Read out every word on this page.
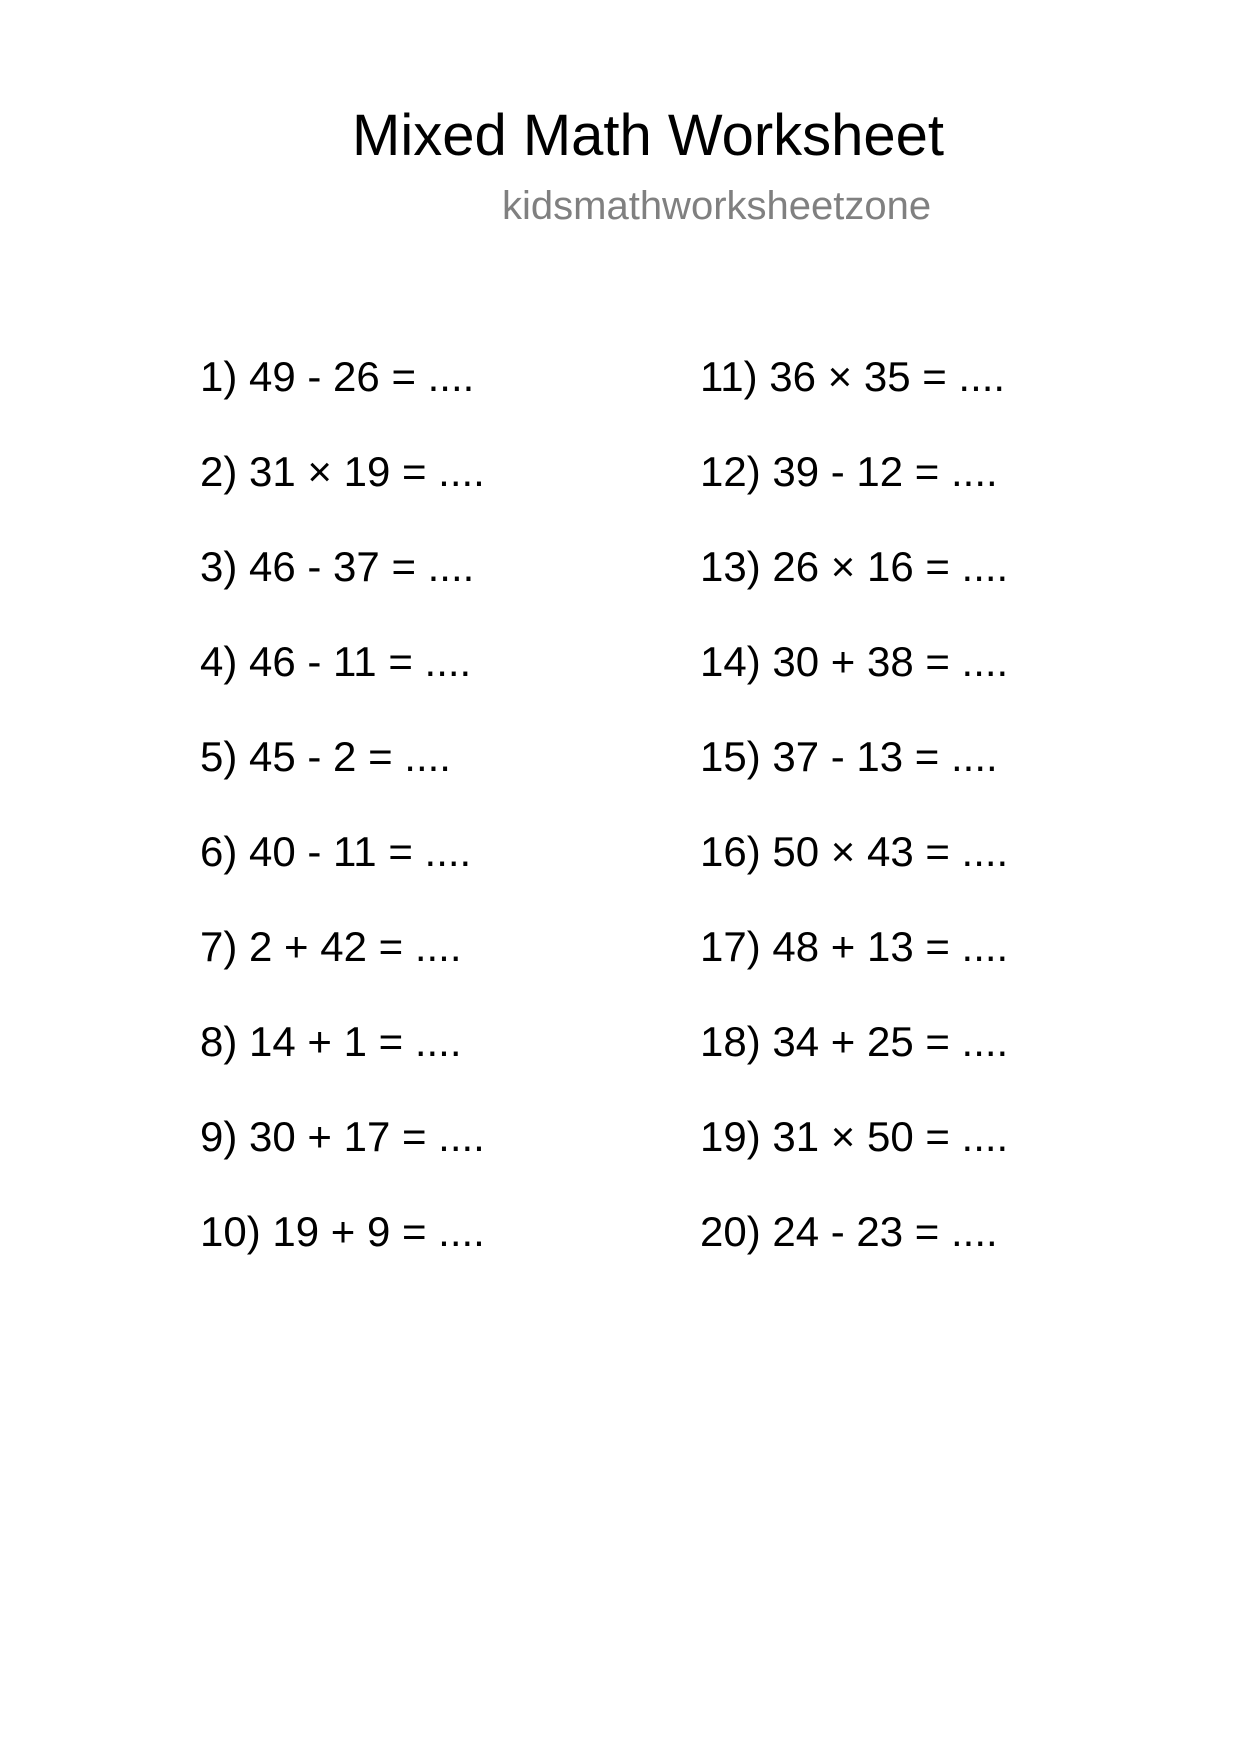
Mixed Math Worksheet
kidsmathworksheetzone
1) 49 - 26 = ....
2) 31 × 19 = ....
3) 46 - 37 = ....
4) 46 - 11 = ....
5) 45 - 2 = ....
6) 40 - 11 = ....
7) 2 + 42 = ....
8) 14 + 1 = ....
9) 30 + 17 = ....
10) 19 + 9 = ....
11) 36 × 35 = ....
12) 39 - 12 = ....
13) 26 × 16 = ....
14) 30 + 38 = ....
15) 37 - 13 = ....
16) 50 × 43 = ....
17) 48 + 13 = ....
18) 34 + 25 = ....
19) 31 × 50 = ....
20) 24 - 23 = ....
